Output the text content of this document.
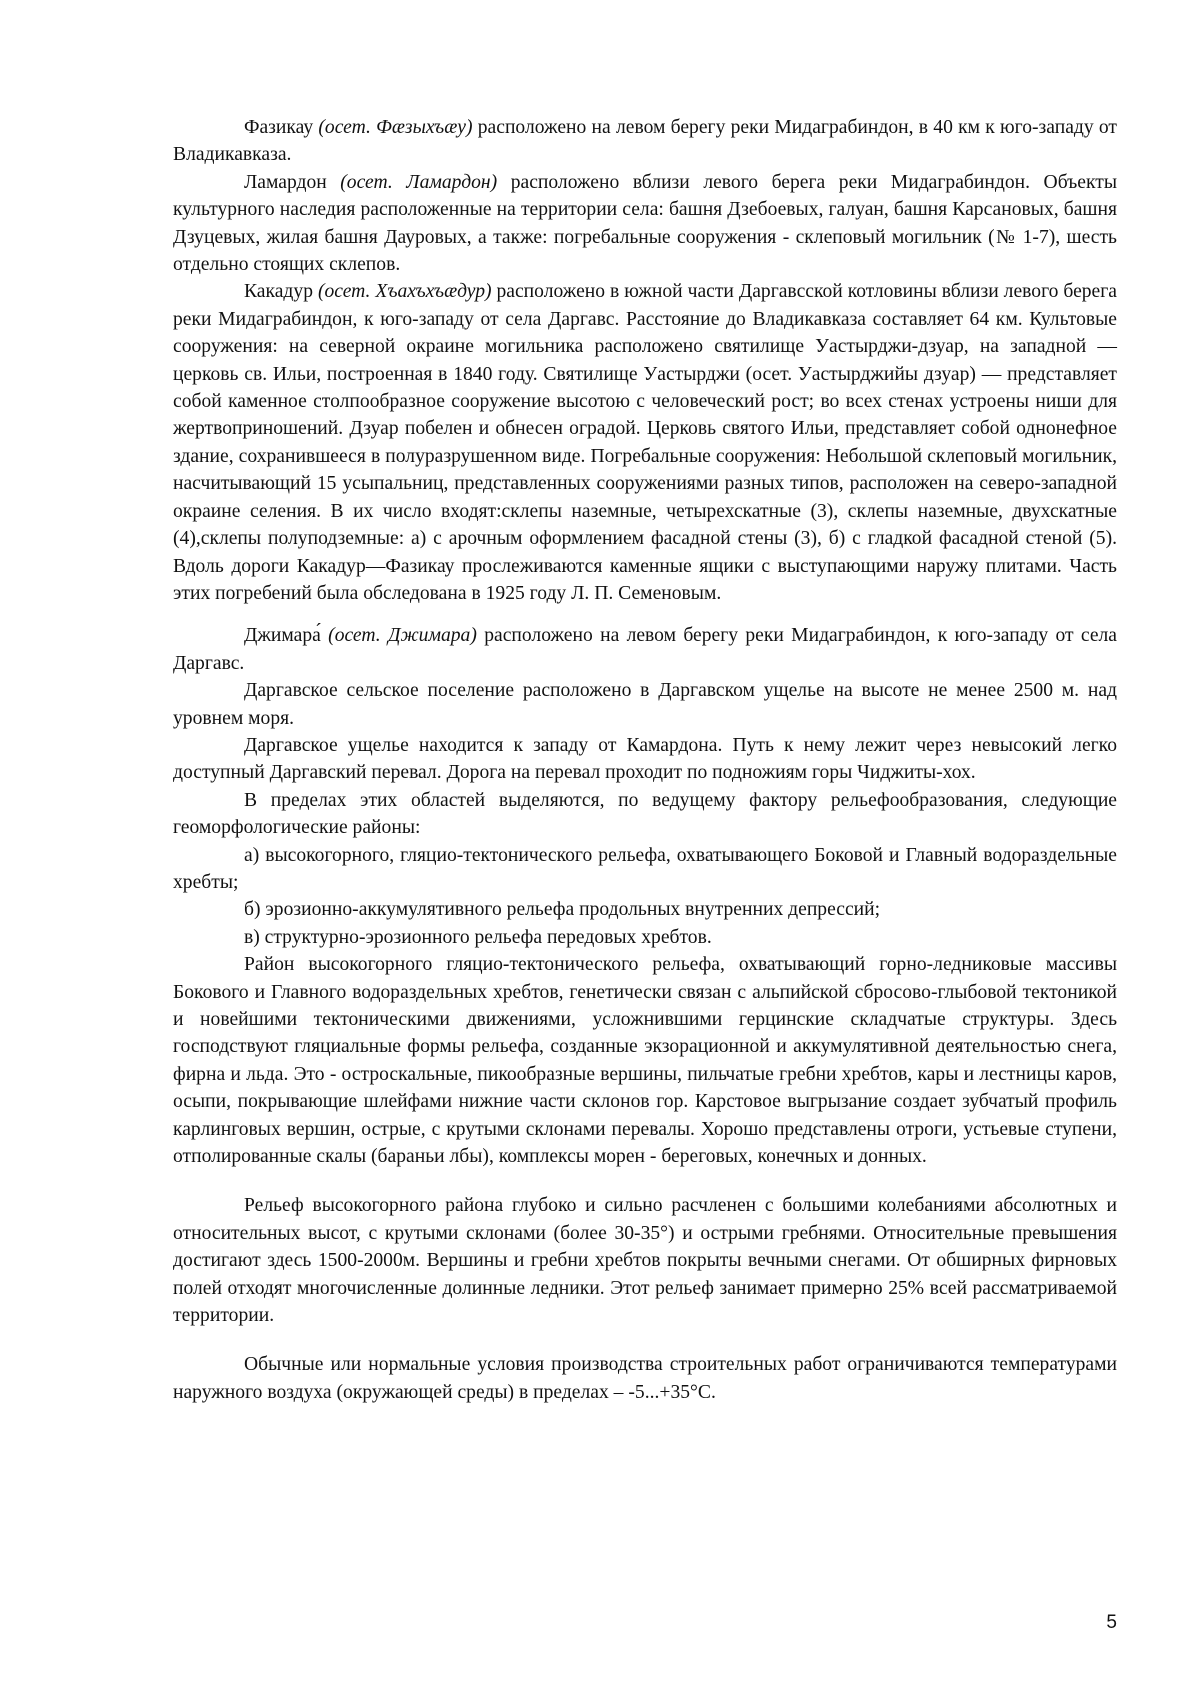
Фазикау (осет. Фæзыхъæу) расположено на левом берегу реки Мидаграбиндон, в 40 км к юго-западу от Владикавказа.

Ламардон (осет. Ламардон) расположено вблизи левого берега реки Мидаграбиндон. Объекты культурного наследия расположенные на территории села: башня Дзебоевых, галуан, башня Карсановых, башня Дзуцевых, жилая башня Дауровых, а также: погребальные сооружения - склеповый могильник (№ 1-7), шесть отдельно стоящих склепов.

Какадур (осет. Хъахъхъæдур) расположено в южной части Даргавсской котловины вблизи левого берега реки Мидаграбиндон, к юго-западу от села Даргавс. Расстояние до Владикавказа составляет 64 км. Культовые сооружения: на северной окраине могильника расположено святилище Уастырджи-дзуар, на западной — церковь св. Ильи, построенная в 1840 году. Святилище Уастырджи (осет. Уастырджийы дзуар) — представляет собой каменное столпообразное сооружение высотою с человеческий рост; во всех стенах устроены ниши для жертвоприношений. Дзуар побелен и обнесен оградой. Церковь святого Ильи, представляет собой однонефное здание, сохранившееся в полуразрушенном виде. Погребальные сооружения: Небольшой склеповый могильник, насчитывающий 15 усыпальниц, представленных сооружениями разных типов, расположен на северо-западной окраине селения. В их число входят:склепы наземные, четырехскатные (3), склепы наземные, двухскатные (4),склепы полуподземные: а) с арочным оформлением фасадной стены (3), б) с гладкой фасадной стеной (5). Вдоль дороги Какадур—Фазикау прослеживаются каменные ящики с выступающими наружу плитами. Часть этих погребений была обследована в 1925 году Л. П. Семеновым.

Джимара́ (осет. Джимара) расположено на левом берегу реки Мидаграбиндон, к юго-западу от села Даргавс.

Даргавское сельское поселение расположено в Даргавском ущелье на высоте не менее 2500 м. над уровнем моря.

Даргавское ущелье находится к западу от Камардона. Путь к нему лежит через невысокий легко доступный Даргавский перевал. Дорога на перевал проходит по подножиям горы Чиджиты-хох.

В пределах этих областей выделяются, по ведущему фактору рельефообразования, следующие геоморфологические районы:

а) высокогорного, гляцио-тектонического рельефа, охватывающего Боковой и Главный водораздельные хребты;

б) эрозионно-аккумулятивного рельефа продольных внутренних депрессий;

в) структурно-эрозионного рельефа передовых хребтов.

Район высокогорного гляцио-тектонического рельефа, охватывающий горно-ледниковые массивы Бокового и Главного водораздельных хребтов, генетически связан с альпийской сбросово-глыбовой тектоникой и новейшими тектоническими движениями, усложнившими герцинские складчатые структуры. Здесь господствуют гляциальные формы рельефа, созданные экзорационной и аккумулятивной деятельностью снега, фирна и льда. Это - остроскальные, пикообразные вершины, пильчатые гребни хребтов, кары и лестницы каров, осыпи, покрывающие шлейфами нижние части склонов гор. Карстовое выгрызание создает зубчатый профиль карлинговых вершин, острые, с крутыми склонами перевалы. Хорошо представлены отроги, устьевые ступени, отполированные скалы (бараньи лбы), комплексы морен - береговых, конечных и донных.

Рельеф высокогорного района глубоко и сильно расчленен с большими колебаниями абсолютных и относительных высот, с крутыми склонами (более 30-35°) и острыми гребнями. Относительные превышения достигают здесь 1500-2000м. Вершины и гребни хребтов покрыты вечными снегами. От обширных фирновых полей отходят многочисленные долинные ледники. Этот рельеф занимает примерно 25% всей рассматриваемой территории.

Обычные или нормальные условия производства строительных работ ограничиваются температурами наружного воздуха (окружающей среды) в пределах – -5...+35°С.

5
